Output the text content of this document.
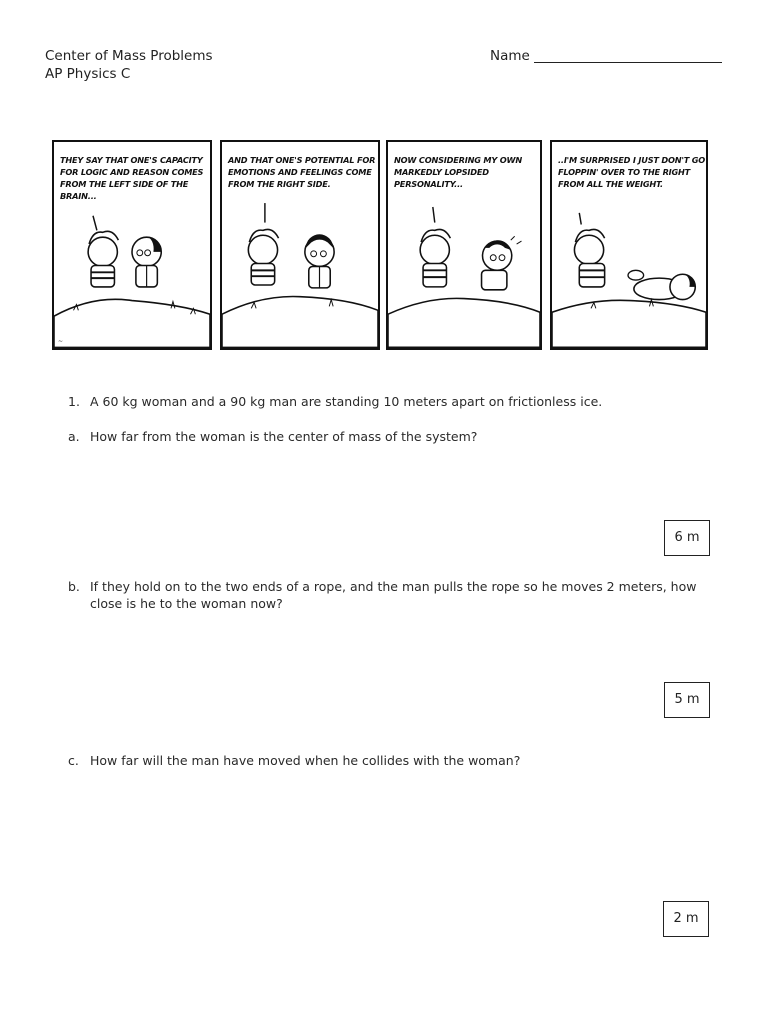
Center of Mass Problems
AP Physics C
Name
THEY SAY THAT ONE'S CAPACITY FOR LOGIC AND REASON COMES FROM THE LEFT SIDE OF THE BRAIN...
~
AND THAT ONE'S POTENTIAL FOR EMOTIONS AND FEELINGS COME FROM THE RIGHT SIDE.
NOW CONSIDERING MY OWN MARKEDLY LOPSIDED PERSONALITY...
..I'M SURPRISED I JUST DON'T GO FLOPPIN' OVER TO THE RIGHT FROM ALL THE WEIGHT.
1. A 60 kg woman and a 90 kg man are standing 10 meters apart on frictionless ice.
a. How far from the woman is the center of mass of the system?
6 m
b. If they hold on to the two ends of a rope, and the man pulls the rope so he moves 2 meters, how close is he to the woman now?
5 m
c. How far will the man have moved when he collides with the woman?
2 m
